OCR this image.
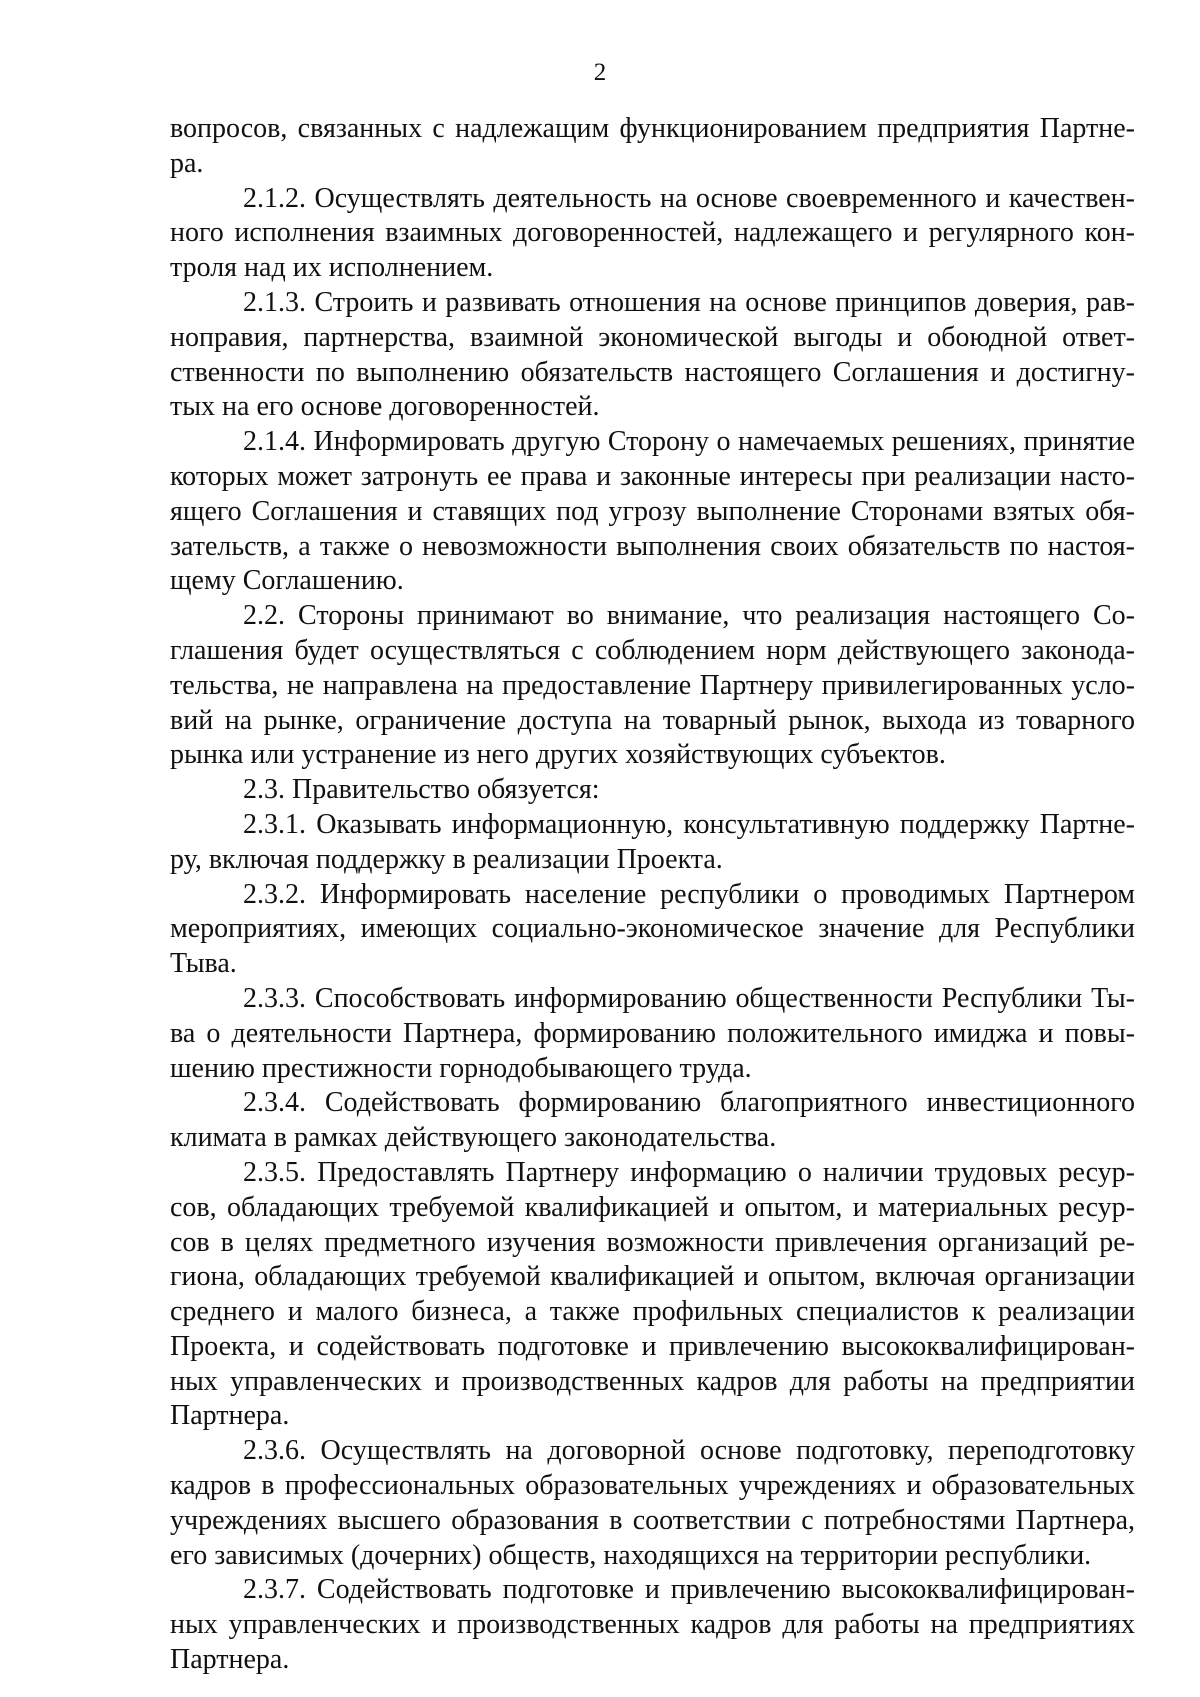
2

вопросов, связанных с надлежащим функционированием предприятия Партне-
ра.

2.1.2. Осуществлять деятельность на основе своевременного и качествен-
ного исполнения взаимных договоренностей, надлежащего и регулярного кон-
троля над их исполнением.

2.1.3. Строить и развивать отношения на основе принципов доверия, рав-
ноправия, партнерства, взаимной экономической выгоды и обоюдной ответ-
ственности по выполнению обязательств настоящего Соглашения и достигну-
тых на его основе договоренностей.

2.1.4. Информировать другую Сторону о намечаемых решениях, принятие
которых может затронуть ее права и законные интересы при реализации насто-
ящего Соглашения и ставящих под угрозу выполнение Сторонами взятых обя-
зательств, а также о невозможности выполнения своих обязательств по настоя-
щему Соглашению.

2.2. Стороны принимают во внимание, что реализация настоящего Со-
глашения будет осуществляться с соблюдением норм действующего законода-
тельства, не направлена на предоставление Партнеру привилегированных усло-
вий на рынке, ограничение доступа на товарный рынок, выхода из товарного
рынка или устранение из него других хозяйствующих субъектов.

2.3. Правительство обязуется:

2.3.1. Оказывать информационную, консультативную поддержку Партне-
ру, включая поддержку в реализации Проекта.

2.3.2. Информировать население республики о проводимых Партнером
мероприятиях, имеющих социально-экономическое значение для Республики
Тыва.

2.3.3. Способствовать информированию общественности Республики Ты-
ва о деятельности Партнера, формированию положительного имиджа и повы-
шению престижности горнодобывающего труда.

2.3.4. Содействовать формированию благоприятного инвестиционного
климата в рамках действующего законодательства.

2.3.5. Предоставлять Партнеру информацию о наличии трудовых ресур-
сов, обладающих требуемой квалификацией и опытом, и материальных ресур-
сов в целях предметного изучения возможности привлечения организаций ре-
гиона, обладающих требуемой квалификацией и опытом, включая организации
среднего и малого бизнеса, а также профильных специалистов к реализации
Проекта, и содействовать подготовке и привлечению высококвалифицирован-
ных управленческих и производственных кадров для работы на предприятии
Партнера.

2.3.6. Осуществлять на договорной основе подготовку, переподготовку
кадров в профессиональных образовательных учреждениях и образовательных
учреждениях высшего образования в соответствии с потребностями Партнера,
его зависимых (дочерних) обществ, находящихся на территории республики.

2.3.7. Содействовать подготовке и привлечению высококвалифицирован-
ных управленческих и производственных кадров для работы на предприятиях
Партнера.
